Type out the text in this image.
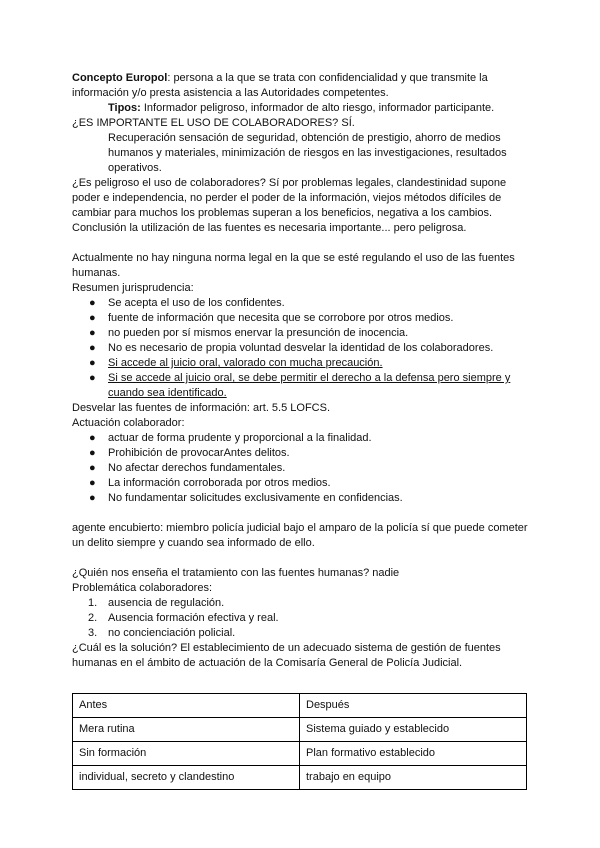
Concepto Europol: persona a la que se trata con confidencialidad y que transmite la información y/o presta asistencia a las Autoridades competentes.

Tipos: Informador peligroso, informador de alto riesgo, informador participante.

¿ES IMPORTANTE EL USO DE COLABORADORES? SÍ.

Recuperación sensación de seguridad, obtención de prestigio, ahorro de medios humanos y materiales, minimización de riesgos en las investigaciones, resultados operativos.

¿Es peligroso el uso de colaboradores? Sí por problemas legales, clandestinidad supone poder e independencia, no perder el poder de la información, viejos métodos difíciles de cambiar para muchos los problemas superan a los beneficios, negativa a los cambios.

Conclusión la utilización de las fuentes es necesaria importante... pero peligrosa.

Actualmente no hay ninguna norma legal en la que se esté regulando el uso de las fuentes humanas.

Resumen jurisprudencia:

● Se acepta el uso de los confidentes.
● fuente de información que necesita que se corrobore por otros medios.
● no pueden por sí mismos enervar la presunción de inocencia.
● No es necesario de propia voluntad desvelar la identidad de los colaboradores.
● Si accede al juicio oral, valorado con mucha precaución.
● Si se accede al juicio oral, se debe permitir el derecho a la defensa pero siempre y cuando sea identificado.

Desvelar las fuentes de información: art. 5.5 LOFCS.

Actuación colaborador:

● actuar de forma prudente y proporcional a la finalidad.
● Prohibición de provocarAntes delitos.
● No afectar derechos fundamentales.
● La información corroborada por otros medios.
● No fundamentar solicitudes exclusivamente en confidencias.

agente encubierto: miembro policía judicial bajo el amparo de la policía sí que puede cometer un delito siempre y cuando sea informado de ello.

¿Quién nos enseña el tratamiento con las fuentes humanas? nadie

Problemática colaboradores:

1. ausencia de regulación.
2. Ausencia formación efectiva y real.
3. no concienciación policial.

¿Cuál es la solución? El establecimiento de un adecuado sistema de gestión de fuentes humanas en el ámbito de actuación de la Comisaría General de Policía Judicial.

Antes	Después
Mera rutina	Sistema guiado y establecido
Sin formación	Plan formativo establecido
individual, secreto y clandestino	trabajo en equipo
